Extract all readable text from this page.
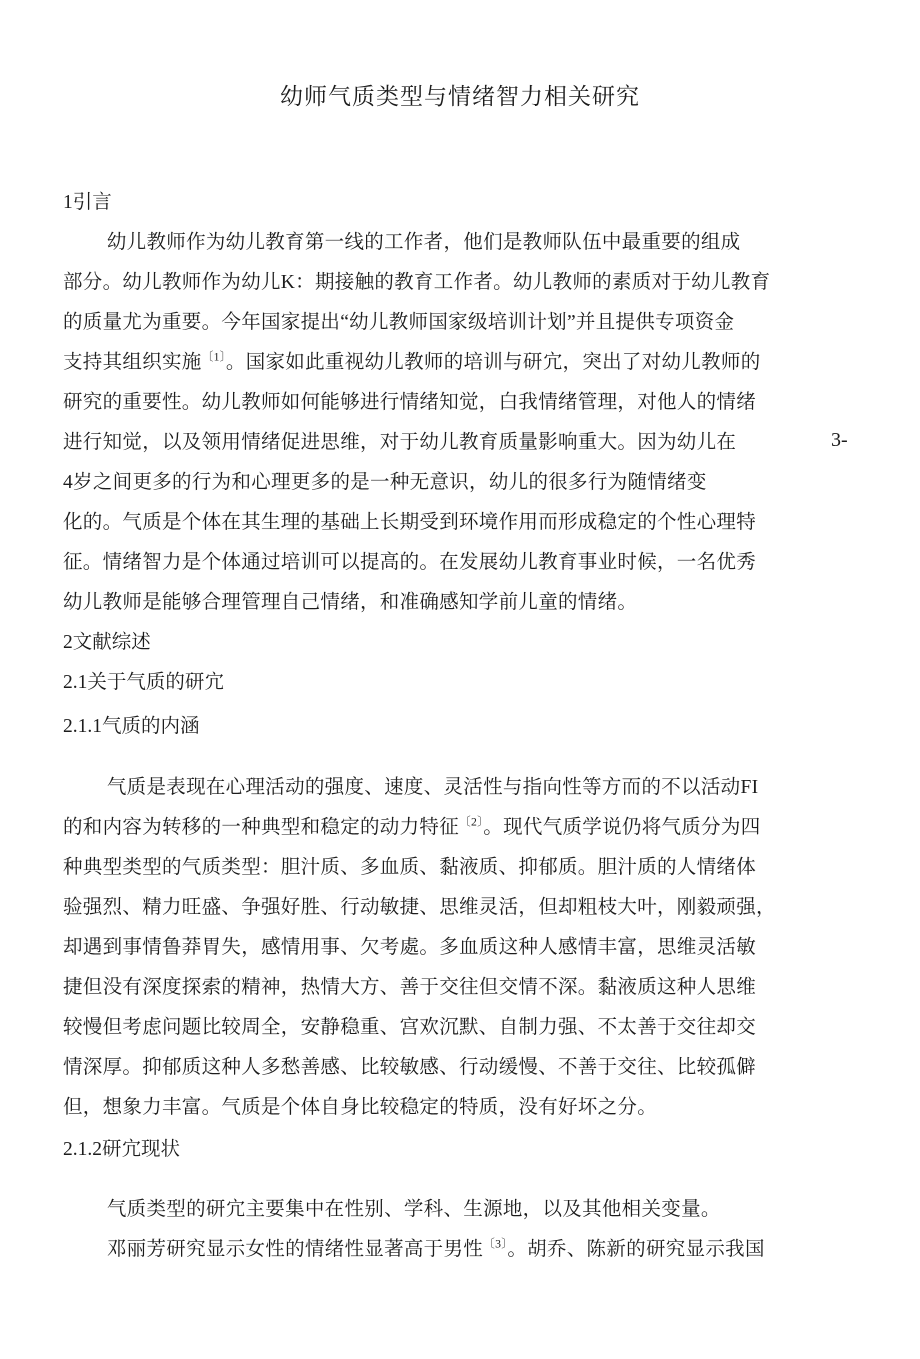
幼师气质类型与情绪智力相关研究
1引言
幼儿教师作为幼儿教育第一线的工作者，他们是教师队伍中最重要的组成
部分。幼儿教师作为幼儿K：期接触的教育工作者。幼儿教师的素质对于幼儿教育
的质量尤为重要。今年国家提出“幼儿教师国家级培训计划”并且提供专项资金
支持其组织实施$^{〔1〕}$。国家如此重视幼儿教师的培训与研宂，突出了对幼儿教师的
研究的重要性。幼儿教师如何能够进行情绪知觉，白我情绪管理，对他人的情绪
进行知觉，以及领用情绪促进思维，对于幼儿教育质量影响重大。因为幼儿在
4岁之间更多的行为和心理更多的是一种无意识，幼儿的很多行为随情绪变
化的。气质是个体在其生理的基础上长期受到环境作用而形成稳定的个性心理特
征。情绪智力是个体通过培训可以提高的。在发展幼儿教育事业时候，一名优秀
幼儿教师是能够合理管理自己情绪，和准确感知学前儿童的情绪。
3-
2文献综述
2.1关于气质的研宂
2.1.1气质的内涵
气质是表现在心理活动的强度、速度、灵活性与指向性等方而的不以活动FI
的和内容为转移的一种典型和稳定的动力特征$^{〔2〕}$。现代气质学说仍将气质分为四
种典型类型的气质类型：胆汁质、多血质、黏液质、抑郁质。胆汁质的人情绪体
验强烈、精力旺盛、争强好胜、行动敏捷、思维灵活，但却粗枝大叶，刚毅顽强，
却遇到事情鲁莽胃失，感情用事、欠考處。多血质这种人感情丰富，思维灵活敏
捷但没有深度探索的精神，热情大方、善于交往但交情不深。黏液质这种人思维
较慢但考虑问题比较周全，安静稳重、宫欢沉默、自制力强、不太善于交往却交
情深厚。抑郁质这种人多愁善感、比较敏感、行动缓慢、不善于交往、比较孤僻
但，想象力丰富。气质是个体自身比较稳定的特质，没有好坏之分。
2.1.2研宂现状
气质类型的研宂主要集中在性别、学科、生源地，以及其他相关变量。
邓丽芳研究显示女性的情绪性显著高于男性$^{〔3〕}$。胡乔、陈新的研究显示我国
